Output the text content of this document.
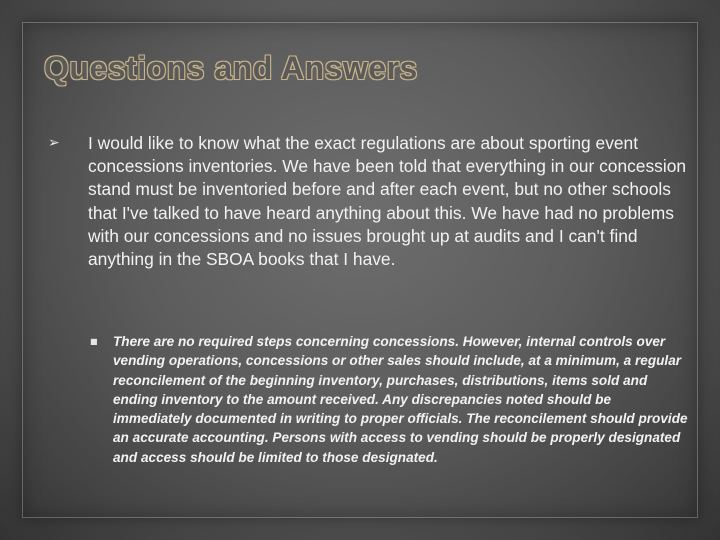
Questions and Answers
➢	I would like to know what the exact regulations are about sporting event concessions inventories. We have been told that everything in our concession stand must be inventoried before and after each event, but no other schools that I've talked to have heard anything about this. We have had no problems with our concessions and no issues brought up at audits and I can't find anything in the SBOA books that I have.
■	There are no required steps concerning concessions. However, internal controls over vending operations, concessions or other sales should include, at a minimum, a regular reconcilement of the beginning inventory, purchases, distributions, items sold and ending inventory to the amount received. Any discrepancies noted should be immediately documented in writing to proper officials. The reconcilement should provide an accurate accounting. Persons with access to vending should be properly designated and access should be limited to those designated.
